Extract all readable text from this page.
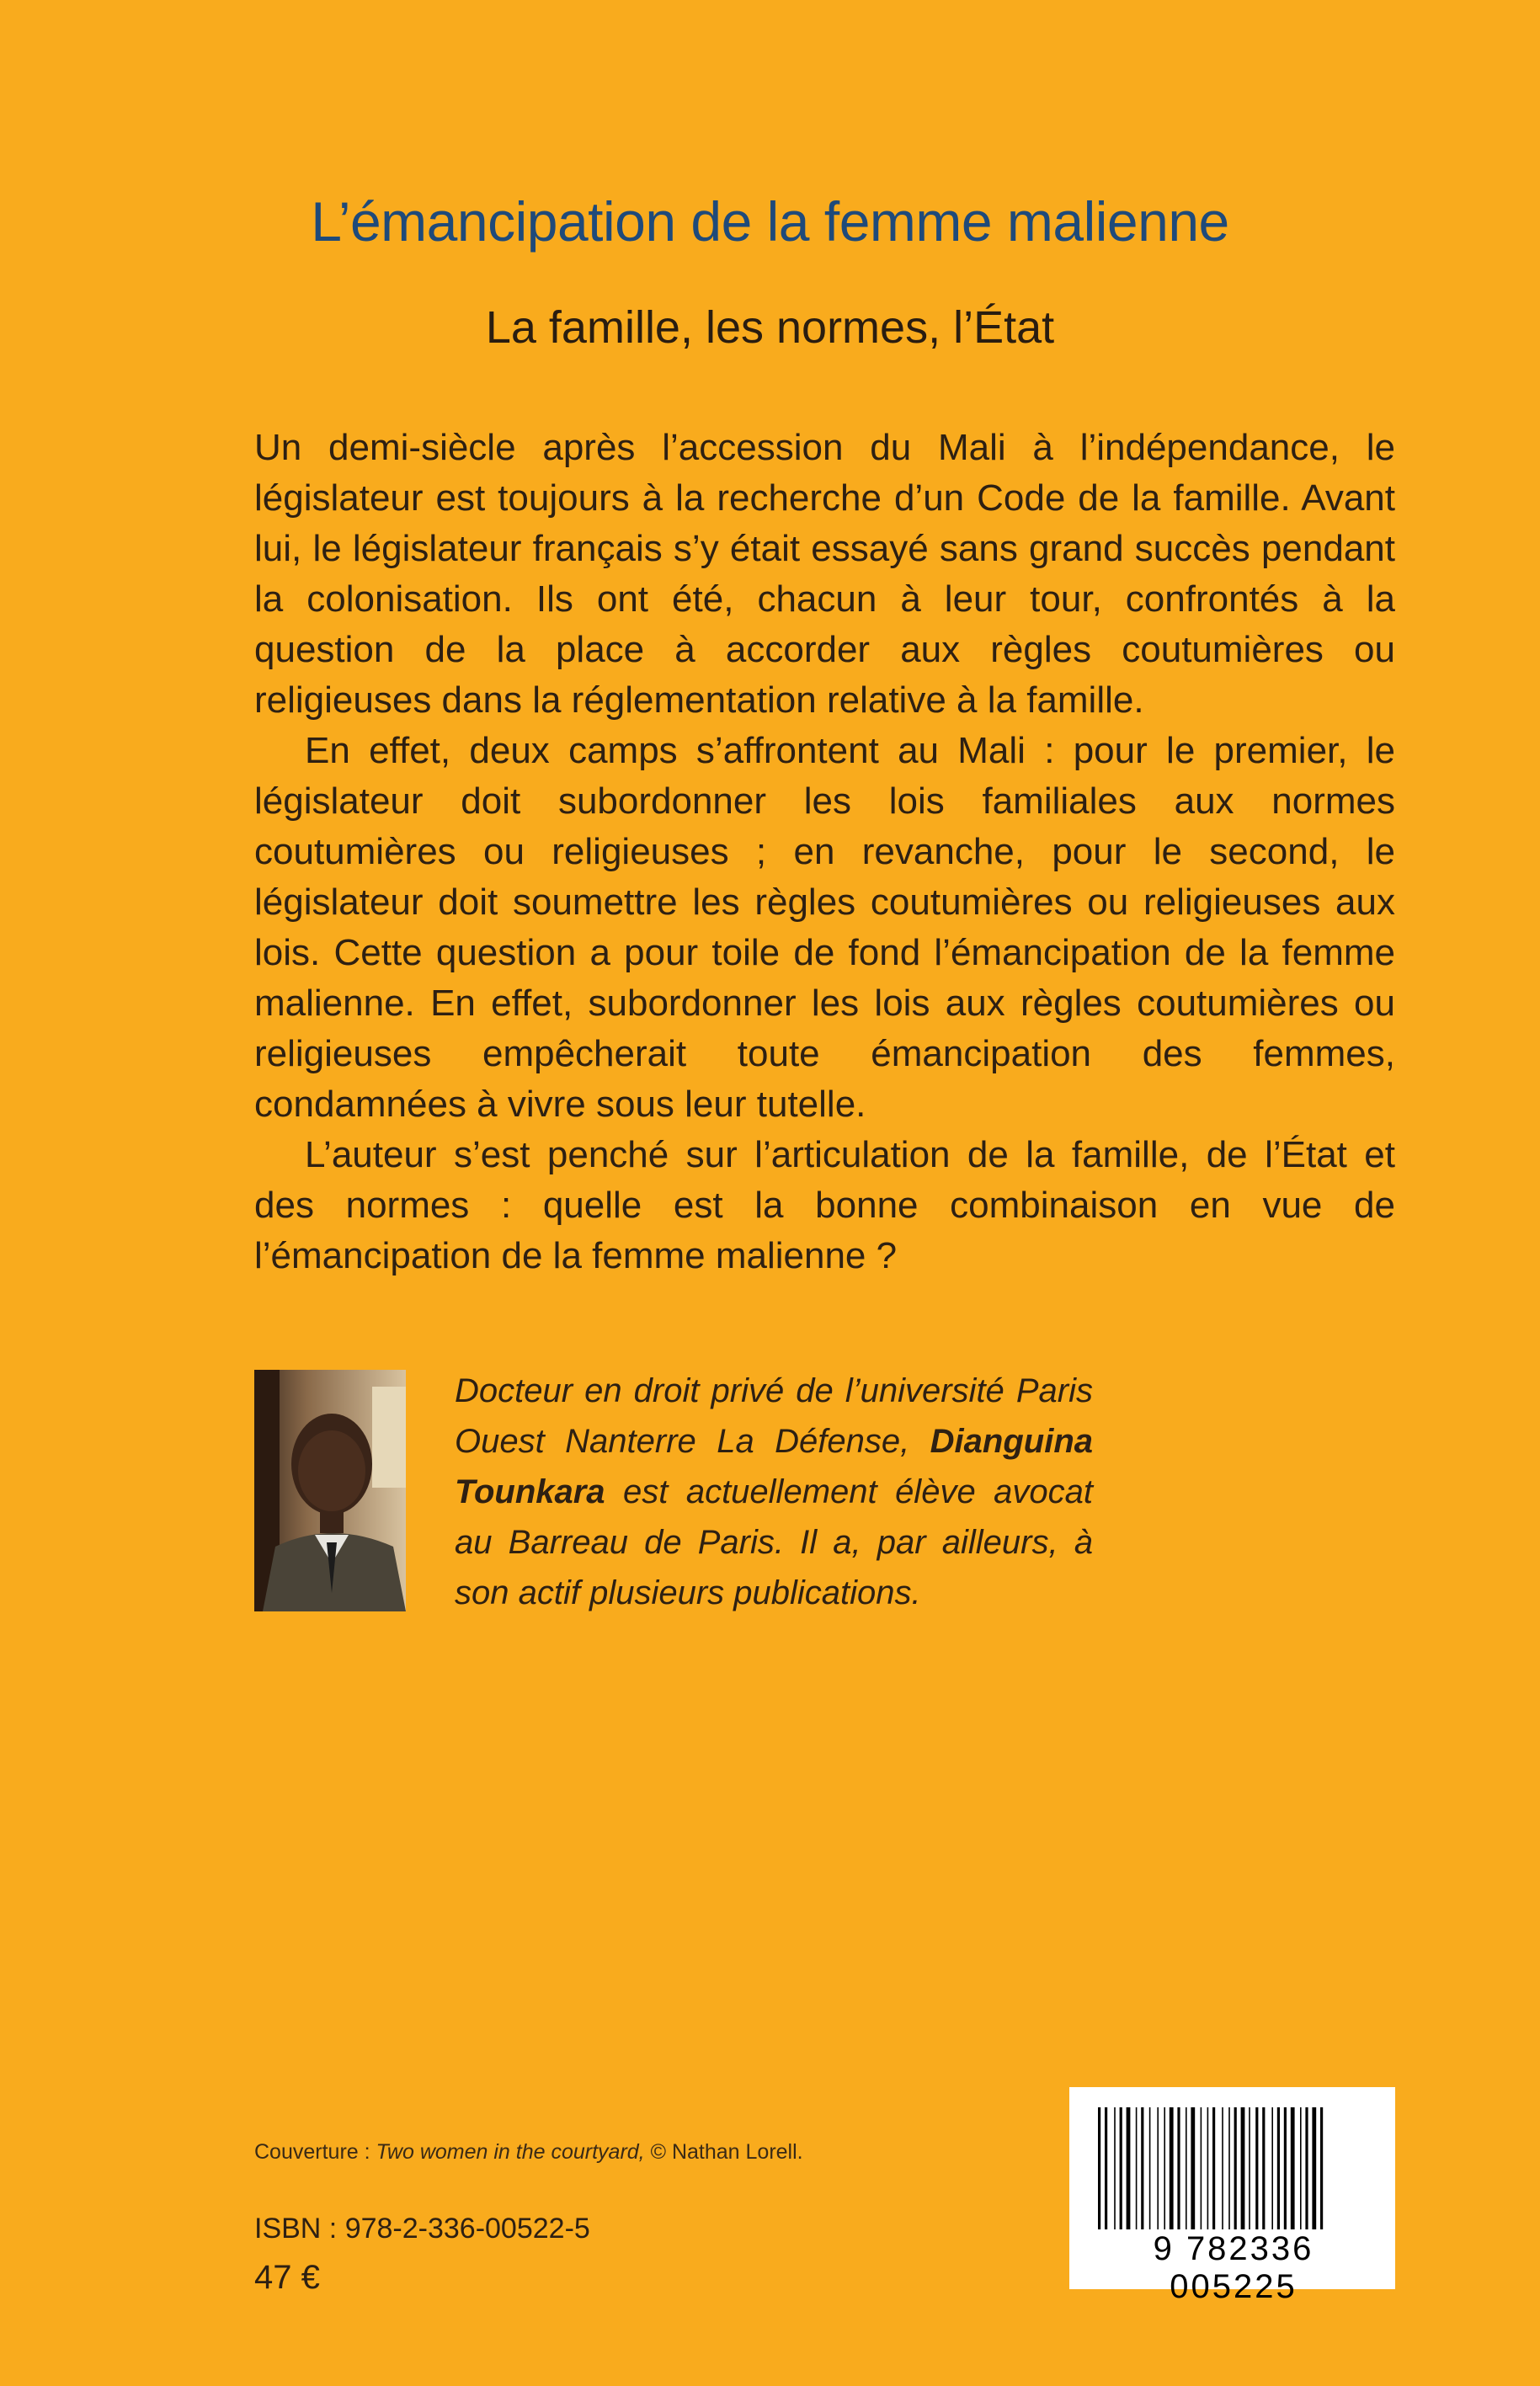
L’émancipation de la femme malienne
La famille, les normes, l’État

Un demi-siècle après l’accession du Mali à l’indépendance, le législateur est toujours à la recherche d’un Code de la famille. Avant lui, le législateur français s’y était essayé sans grand succès pendant la colonisation. Ils ont été, chacun à leur tour, confrontés à la question de la place à accorder aux règles coutumières ou religieuses dans la réglementation relative à la famille.

En effet, deux camps s’affrontent au Mali : pour le premier, le législateur doit subordonner les lois familiales aux normes coutumières ou religieuses ; en revanche, pour le second, le législateur doit soumettre les règles coutumières ou religieuses aux lois. Cette question a pour toile de fond l’émancipation de la femme malienne. En effet, subordonner les lois aux règles coutumières ou religieuses empêcherait toute émancipation des femmes, condamnées à vivre sous leur tutelle.

L’auteur s’est penché sur l’articulation de la famille, de l’État et des normes : quelle est la bonne combinaison en vue de l’émancipation de la femme malienne ?

Docteur en droit privé de l’université Paris Ouest Nanterre La Défense, Dianguina Tounkara est actuellement élève avocat au Barreau de Paris. Il a, par ailleurs, à son actif plusieurs publications.
Couverture : Two women in the courtyard, © Nathan Lorell.
ISBN : 978-2-336-00522-5
47 €
9 782336 005225
